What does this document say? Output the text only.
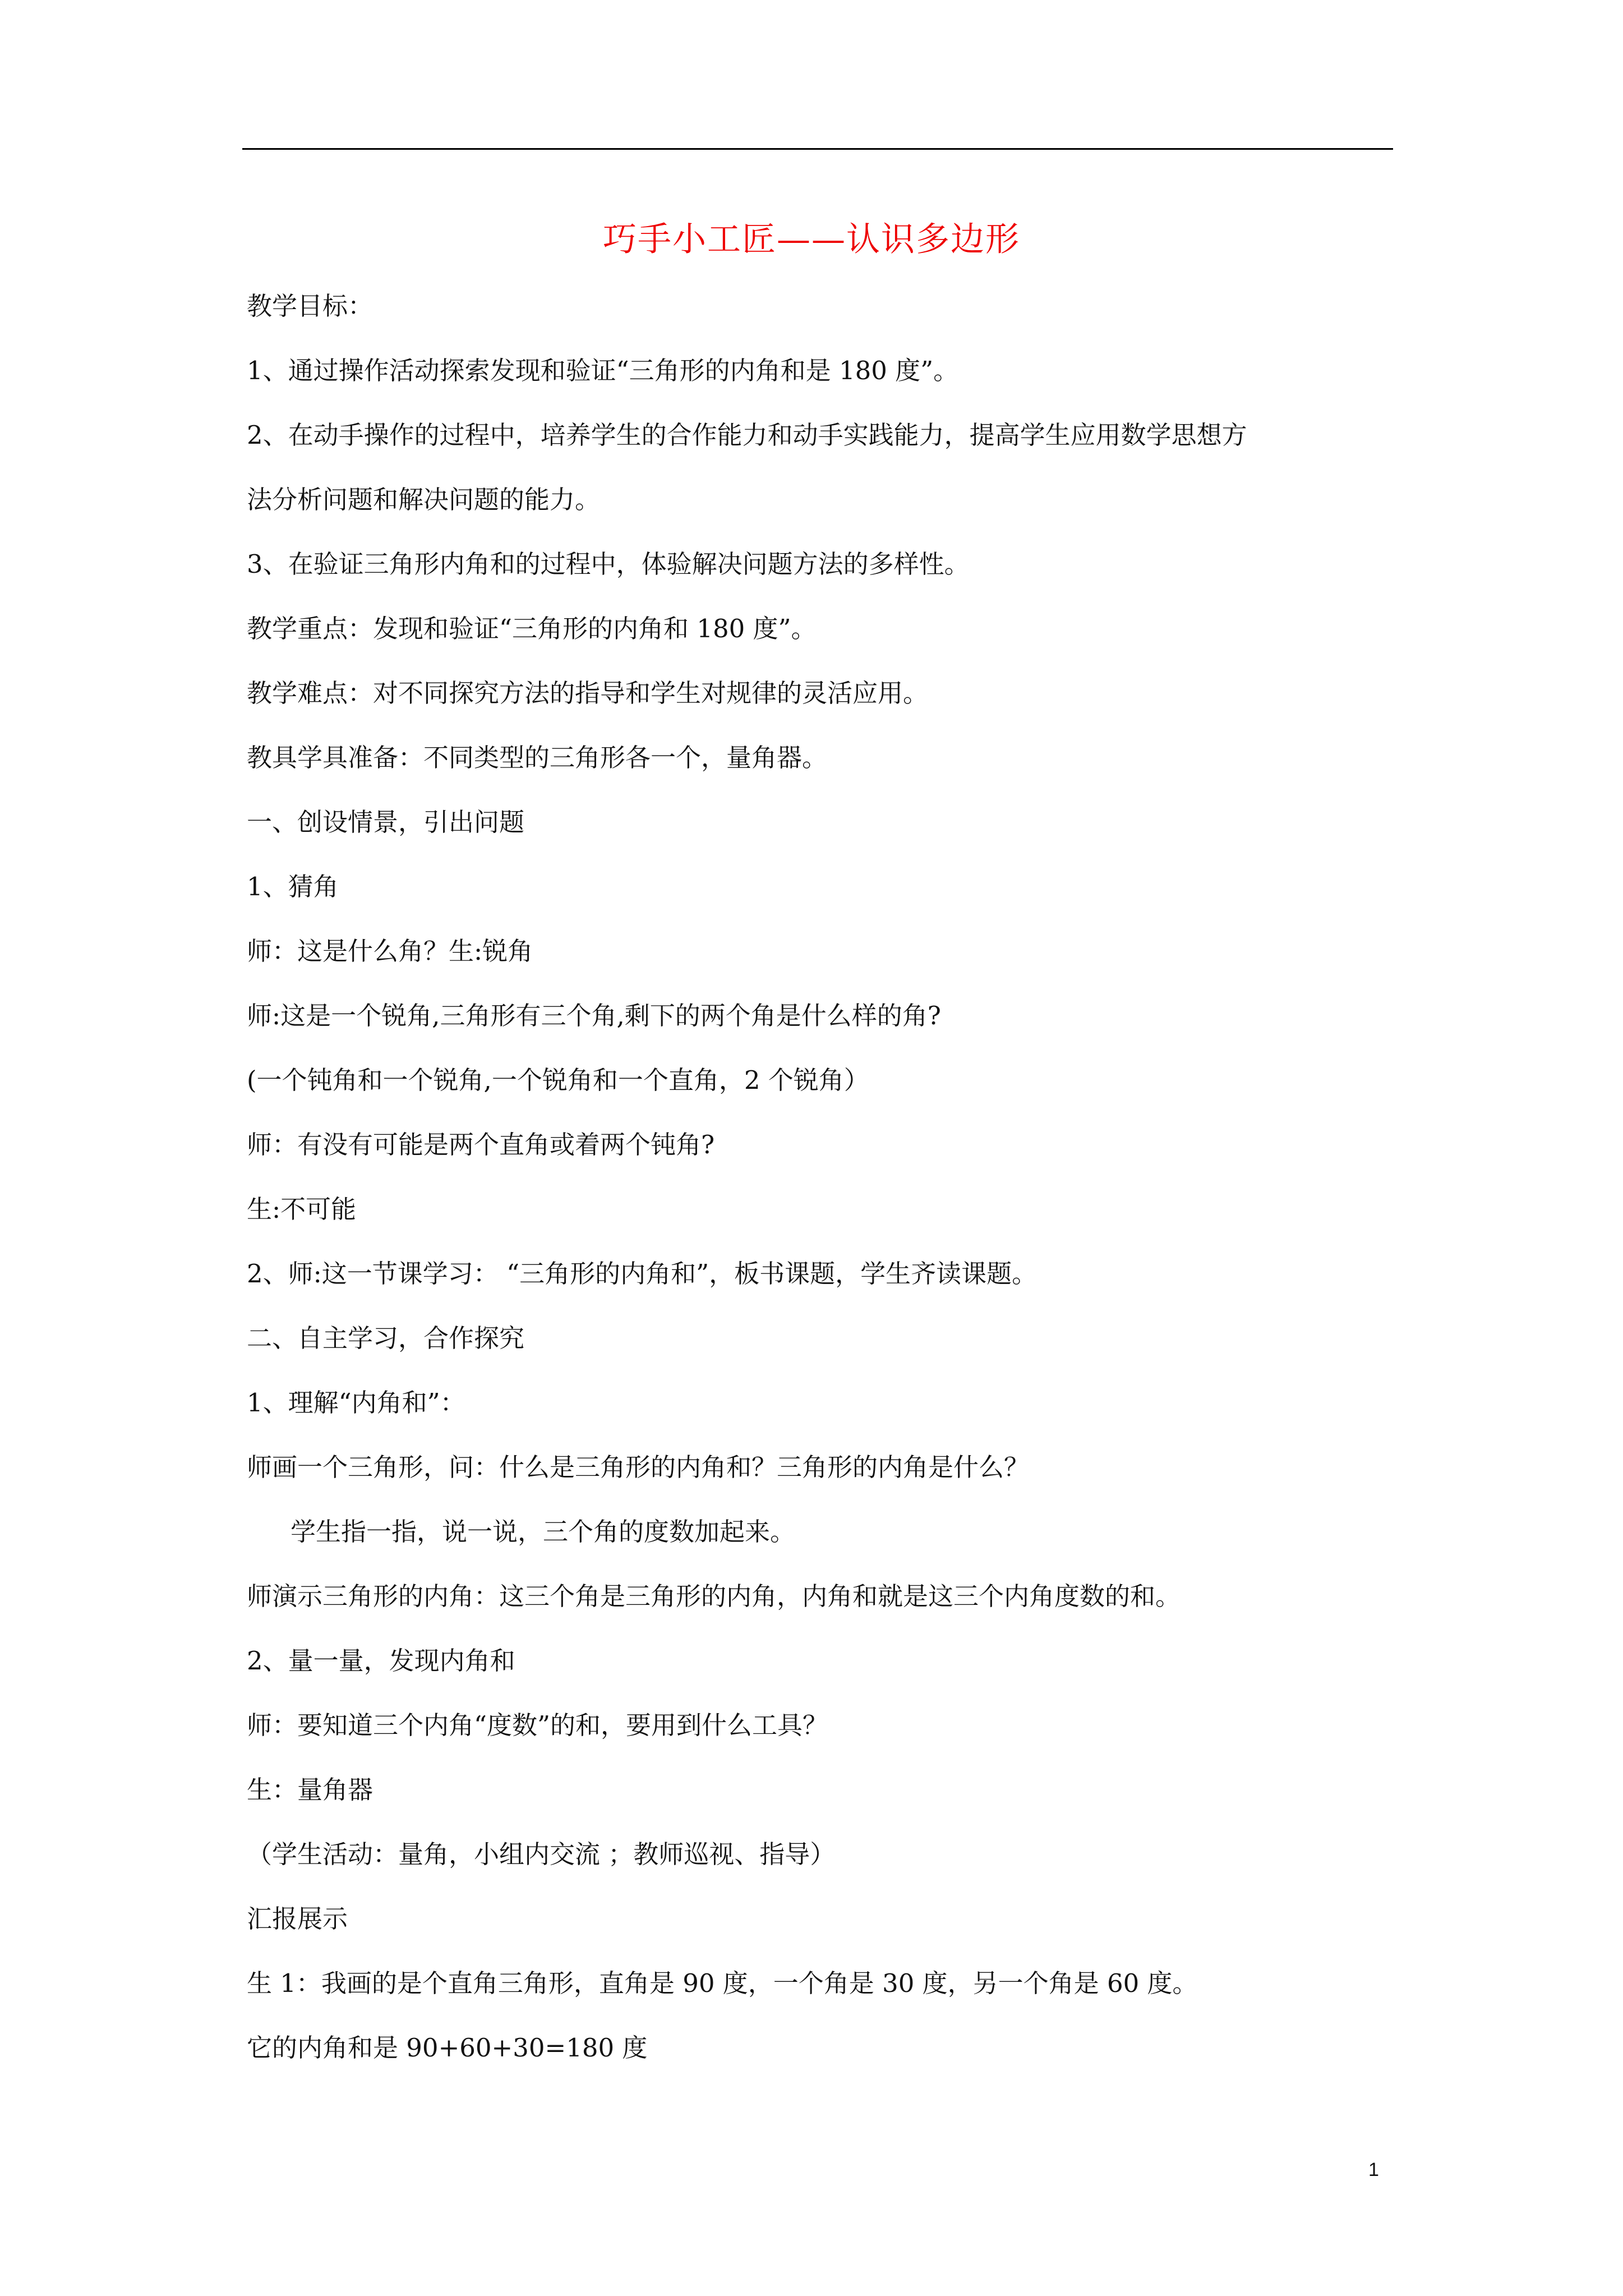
巧手小工匠——认识多边形
教学目标：
1、通过操作活动探索发现和验证“三角形的内角和是 180 度”。
2、在动手操作的过程中，培养学生的合作能力和动手实践能力，提高学生应用数学思想方
法分析问题和解决问题的能力。
3、在验证三角形内角和的过程中，体验解决问题方法的多样性。
教学重点：发现和验证“三角形的内角和 180 度”。
教学难点：对不同探究方法的指导和学生对规律的灵活应用。
教具学具准备：不同类型的三角形各一个，量角器。
一、创设情景，引出问题
1、猜角
师：这是什么角？生:锐角
师:这是一个锐角,三角形有三个角,剩下的两个角是什么样的角?
(一个钝角和一个锐角,一个锐角和一个直角，2 个锐角）
师：有没有可能是两个直角或着两个钝角?
生:不可能
2、师:这一节课学习： “三角形的内角和”，板书课题，学生齐读课题。
二、自主学习，合作探究
1、理解“内角和”：
师画一个三角形，问：什么是三角形的内角和？三角形的内角是什么？
学生指一指，说一说，三个角的度数加起来。
师演示三角形的内角：这三个角是三角形的内角，内角和就是这三个内角度数的和。
2、量一量，发现内角和
师：要知道三个内角“度数”的和，要用到什么工具？
生：量角器
（学生活动：量角，小组内交流 ；教师巡视、指导）
汇报展示
生 1：我画的是个直角三角形，直角是 90 度，一个角是 30 度，另一个角是 60 度。
它的内角和是 90+60+30=180 度
1
